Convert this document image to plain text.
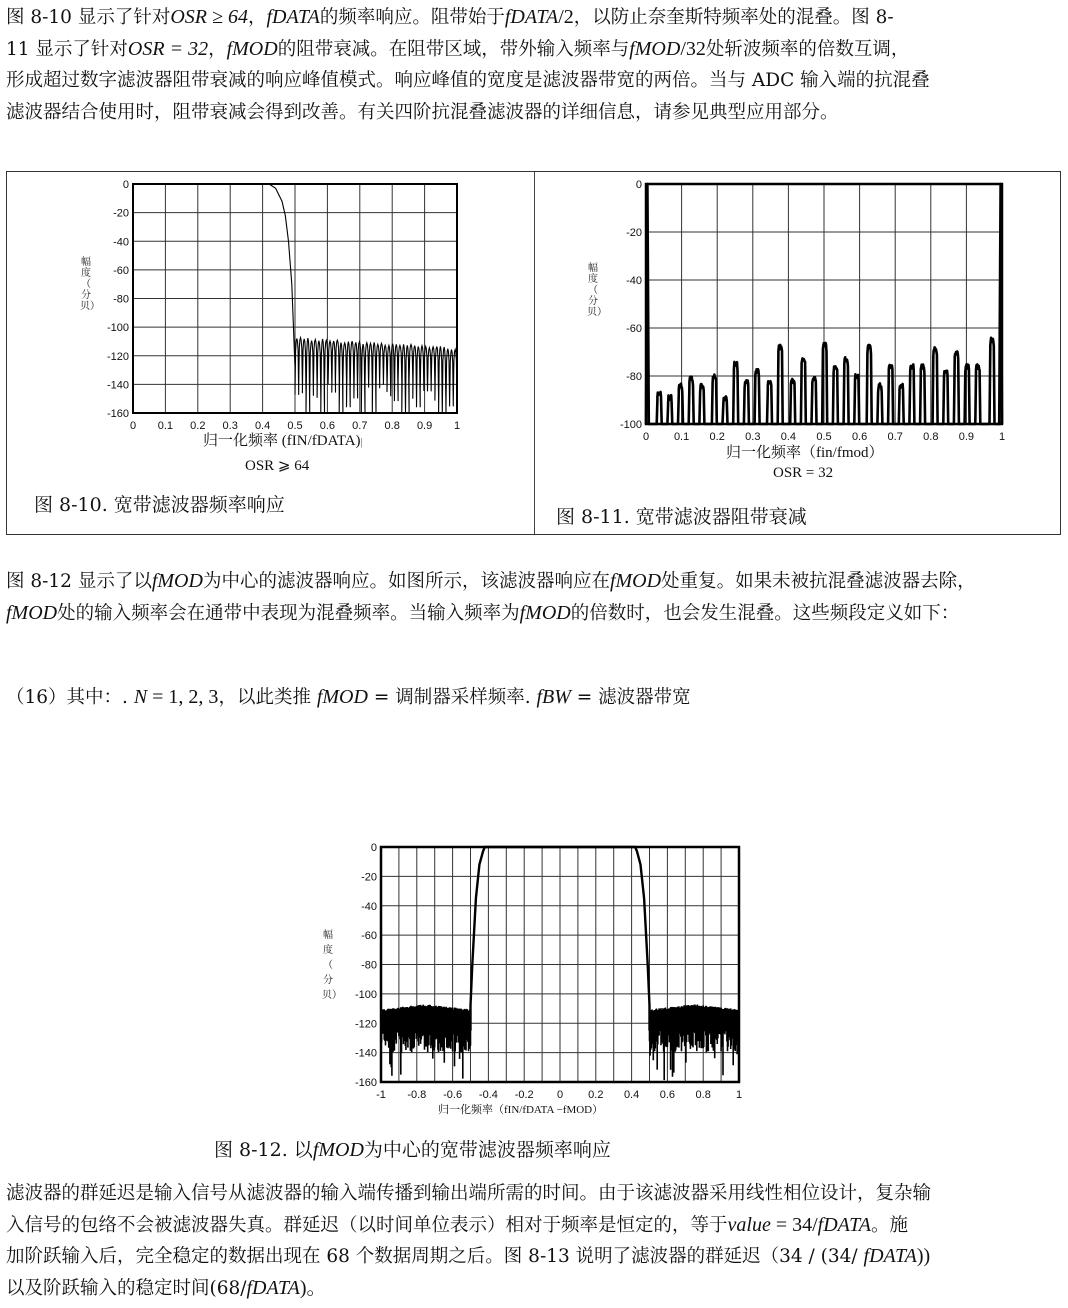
图 8-10 显示了针对OSR ≥ 64，fDATA的频率响应。阻带始于fDATA/2，以防止奈奎斯特频率处的混叠。图 8-
11 显示了针对OSR = 32，fMOD的阻带衰减。在阻带区域，带外输入频率与fMOD/32处斩波频率的倍数互调，
形成超过数字滤波器阻带衰减的响应峰值模式。响应峰值的宽度是滤波器带宽的两倍。当与 ADC 输入端的抗混叠
滤波器结合使用时，阻带衰减会得到改善。有关四阶抗混叠滤波器的详细信息，请参见典型应用部分。
0
-20
-40
-60
-80
-100
-120
-140
-160
0 0.1 0.2 0.3 0.4 0.5 0.6 0.7 0.8 0.9 1
幅
度
（
分
贝）
归一化频率 (fIN/fDATA)|
OSR ⩾ 64
图 8-10. 宽带滤波器频率响应
0
-20
-40
-60
-80
-100
0 0.1 0.2 0.3 0.4 0.5 0.6 0.7 0.8 0.9 1
幅
度
（
分
贝）
归一化频率（fin/fmod）
OSR = 32
图 8-11. 宽带滤波器阻带衰减
图 8-12 显示了以fMOD为中心的滤波器响应。如图所示，该滤波器响应在fMOD处重复。如果未被抗混叠滤波器去除，
fMOD处的输入频率会在通带中表现为混叠频率。当输入频率为fMOD的倍数时，也会发生混叠。这些频段定义如下：
（16）其中：. N = 1, 2, 3，以此类推 fMOD = 调制器采样频率. fBW = 滤波器带宽
0
-20
-40
-60
-80
-100
-120
-140
-160
-1 -0.8 -0.6 -0.4 -0.2 0 0.2 0.4 0.6 0.8 1
幅
度
（
分
贝）
归一化频率（fIN/fDATA −fMOD）
图 8-12. 以fMOD为中心的宽带滤波器频率响应
滤波器的群延迟是输入信号从滤波器的输入端传播到输出端所需的时间。由于该滤波器采用线性相位设计，复杂输
入信号的包络不会被滤波器失真。群延迟（以时间单位表示）相对于频率是恒定的，等于value = 34/fDATA。施
加阶跃输入后，完全稳定的数据出现在 68 个数据周期之后。图 8-13 说明了滤波器的群延迟（34 / (34/ fDATA))
以及阶跃输入的稳定时间(68/fDATA)。
